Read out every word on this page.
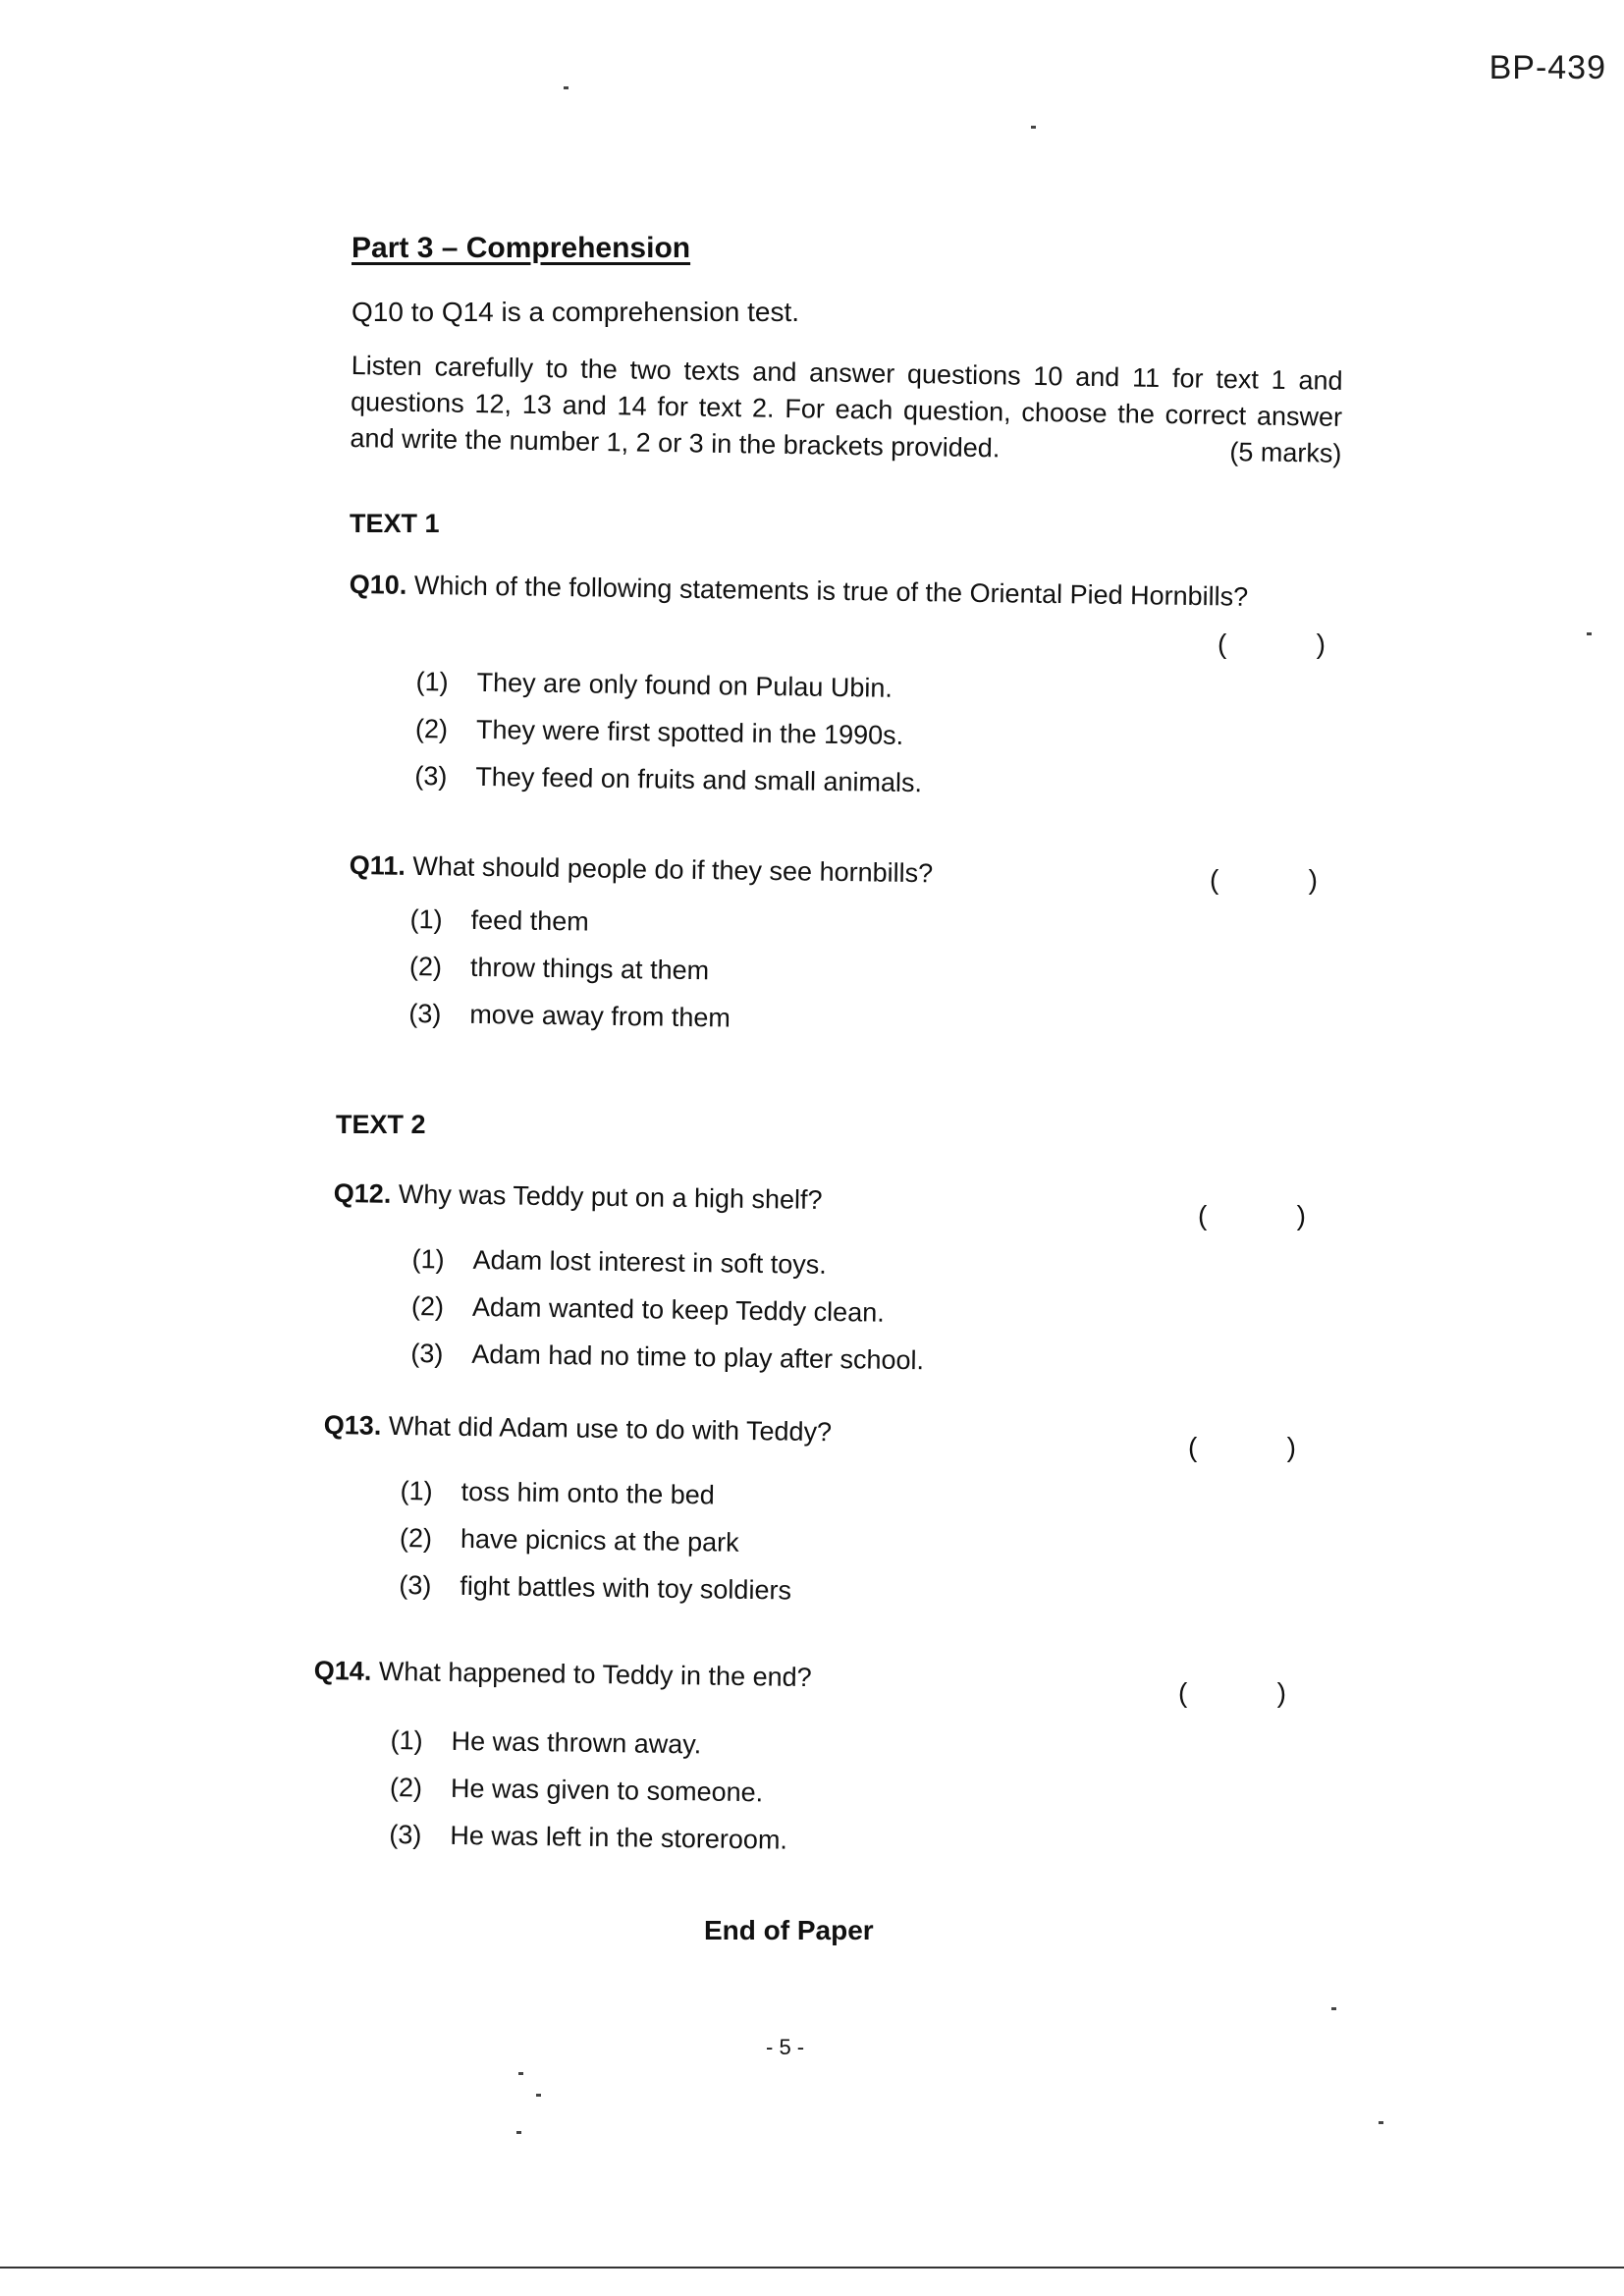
BP-439
Part 3 – Comprehension
Q10 to Q14 is a comprehension test.
Listen carefully to the two texts and answer questions 10 and 11 for text 1 and questions 12, 13 and 14 for text 2. For each question, choose the correct answer and write the number 1, 2 or 3 in the brackets provided.	(5 marks)
TEXT 1
Q10. Which of the following statements is true of the Oriental Pied Hornbills?
(	)
(1)	They are only found on Pulau Ubin.
(2)	They were first spotted in the 1990s.
(3)	They feed on fruits and small animals.
Q11. What should people do if they see hornbills?	(	)
(1)	feed them
(2)	throw things at them
(3)	move away from them
TEXT 2
Q12. Why was Teddy put on a high shelf?
(	)
(1)	Adam lost interest in soft toys.
(2)	Adam wanted to keep Teddy clean.
(3)	Adam had no time to play after school.
Q13. What did Adam use to do with Teddy?
(	)
(1)	toss him onto the bed
(2)	have picnics at the park
(3)	fight battles with toy soldiers
Q14. What happened to Teddy in the end?
(	)
(1)	He was thrown away.
(2)	He was given to someone.
(3)	He was left in the storeroom.
End of Paper
- 5 -
